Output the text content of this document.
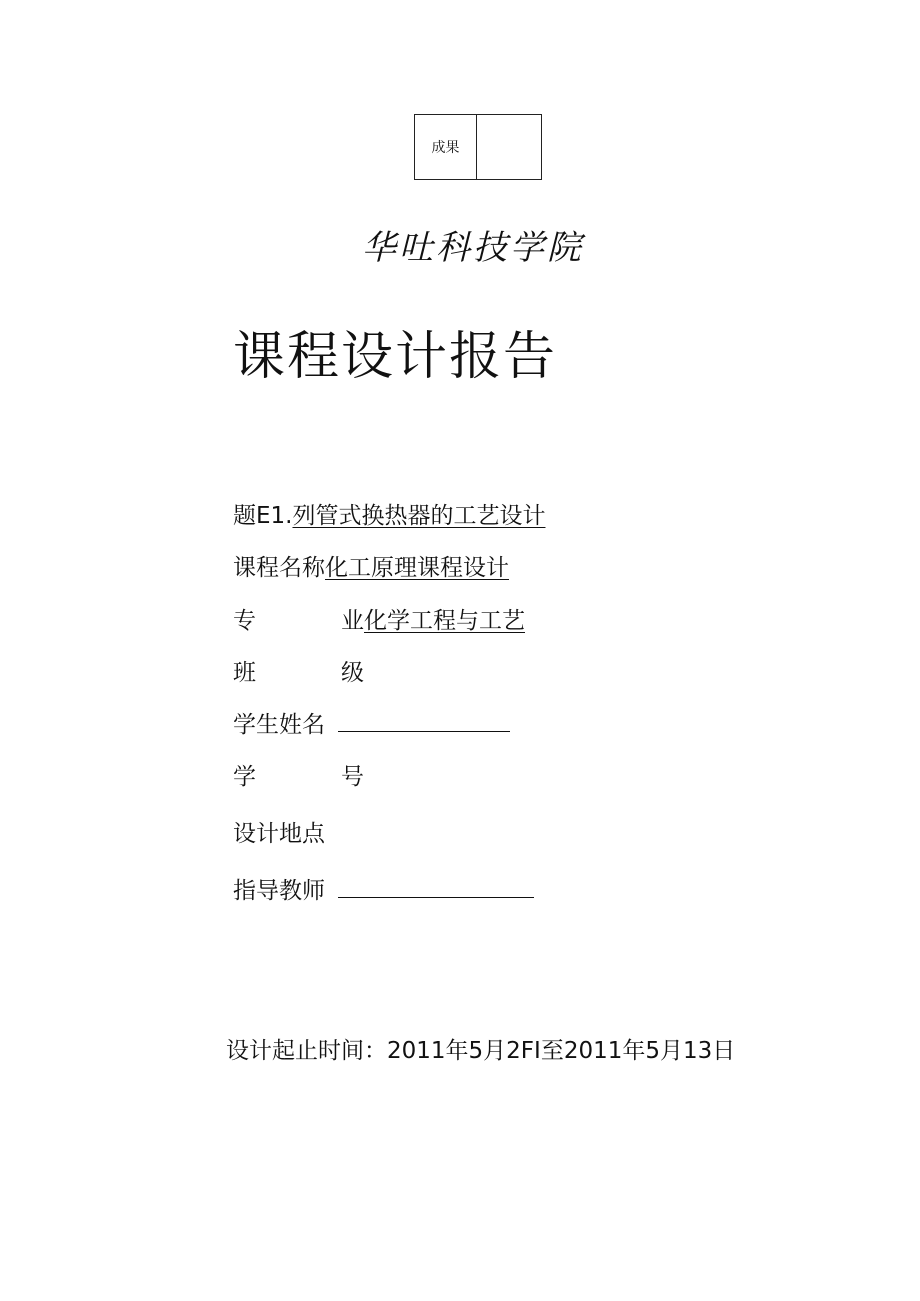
成果
华吐科技学院
课程设计报告
题E1.列管式换热器的工艺设计
课程名称化工原理课程设计
专	业化学工程与工艺
班	级
学生姓名
学	号
设计地点
指导教师
设计起止时间：2011年5月2FI至2011年5月13日
